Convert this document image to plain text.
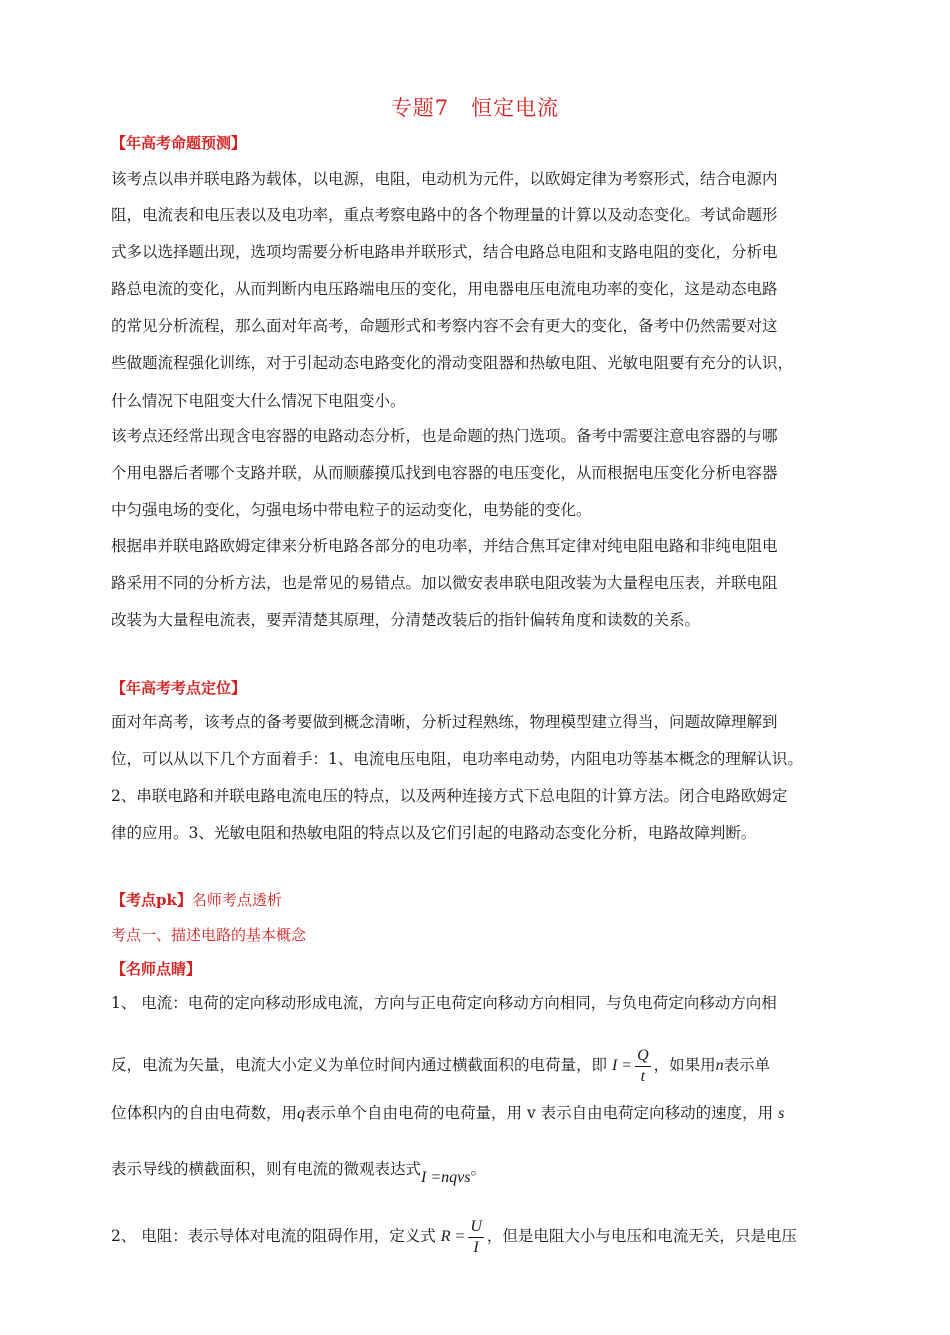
专题7　恒定电流
【年高考命题预测】
该考点以串并联电路为载体，以电源，电阻，电动机为元件，以欧姆定律为考察形式，结合电源内
阻，电流表和电压表以及电功率，重点考察电路中的各个物理量的计算以及动态变化。考试命题形
式多以选择题出现，选项均需要分析电路串并联形式，结合电路总电阻和支路电阻的变化，分析电
路总电流的变化，从而判断内电压路端电压的变化，用电器电压电流电功率的变化，这是动态电路
的常见分析流程，那么面对年高考，命题形式和考察内容不会有更大的变化，备考中仍然需要对这
些做题流程强化训练，对于引起动态电路变化的滑动变阻器和热敏电阻、光敏电阻要有充分的认识，
什么情况下电阻变大什么情况下电阻变小。
该考点还经常出现含电容器的电路动态分析，也是命题的热门选项。备考中需要注意电容器的与哪
个用电器后者哪个支路并联，从而顺藤摸瓜找到电容器的电压变化，从而根据电压变化分析电容器
中匀强电场的变化，匀强电场中带电粒子的运动变化，电势能的变化。
根据串并联电路欧姆定律来分析电路各部分的电功率，并结合焦耳定律对纯电阻电路和非纯电阻电
路采用不同的分析方法，也是常见的易错点。加以微安表串联电阻改装为大量程电压表，并联电阻
改装为大量程电流表，要弄清楚其原理，分清楚改装后的指针偏转角度和读数的关系。
【年高考考点定位】
面对年高考，该考点的备考要做到概念清晰，分析过程熟练，物理模型建立得当，问题故障理解到
位，可以从以下几个方面着手：1、电流电压电阻，电功率电动势，内阻电功等基本概念的理解认识。
2、串联电路和并联电路电流电压的特点，以及两种连接方式下总电阻的计算方法。闭合电路欧姆定
律的应用。3、光敏电阻和热敏电阻的特点以及它们引起的电路动态变化分析，电路故障判断。
【考点pk】名师考点透析
考点一、描述电路的基本概念
【名师点睛】
1、 电流：电荷的定向移动形成电流，方向与正电荷定向移动方向相同，与负电荷定向移动方向相
反，电流为矢量，电流大小定义为单位时间内通过横截面积的电荷量，即 $I = \frac{Q}{t}$ ，如果用n表示单
位体积内的自由电荷数，用q表示单个自由电荷的电荷量，用 v 表示自由电荷定向移动的速度，用 s
表示导线的横截面积，则有电流的微观表达式I =nqvs。
2、 电阻：表示导体对电流的阻碍作用，定义式 $R = \frac{U}{I}$ ，但是电阻大小与电压和电流无关，只是电压
